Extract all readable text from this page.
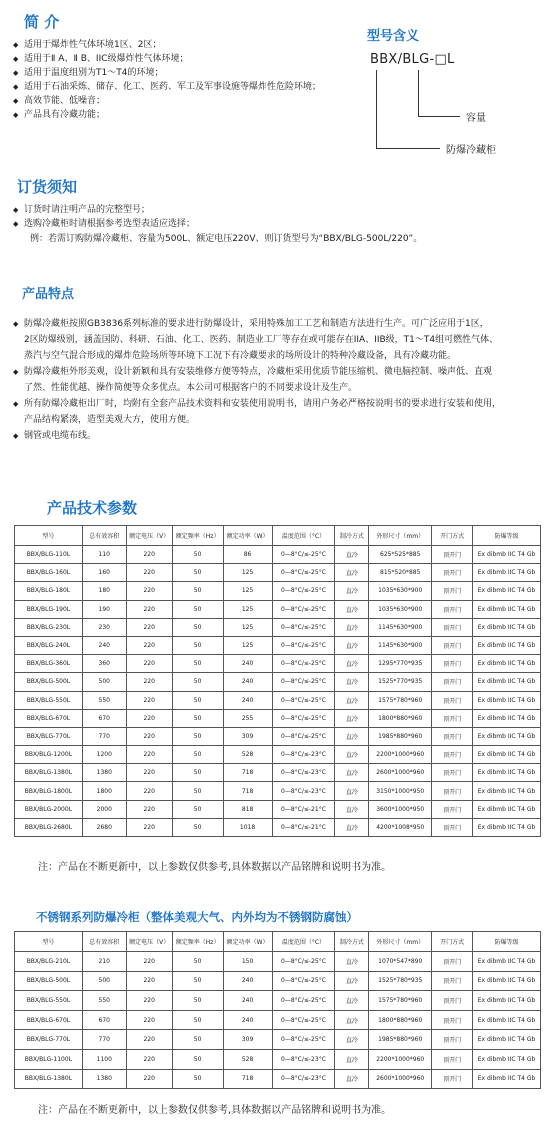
简 介
◆ 适用于爆炸性气体环境1区、2区；
◆ 适用于Ⅱ A、Ⅱ B、IIC级爆炸性气体环境；
◆ 适用于温度组别为T1～T4的环境；
◆ 适用于石油采炼、储存、化工、医药、军工及军事设施等爆炸性危险环境；
◆ 高效节能、低噪音；
◆ 产品具有冷藏功能；
型号含义
BBX/BLG-□L
容量
防爆冷藏柜
订货须知
◆ 订货时请注明产品的完整型号；
◆ 选购冷藏柜时请根据参考选型表适应选择；
例：若需订购防爆冷藏柜、容量为500L、额定电压220V、则订货型号为“BBX/BLG-500L/220”。
产品特点
◆ 防爆冷藏柜按照GB3836系列标准的要求进行防爆设计，采用特殊加工工艺和制造方法进行生产。可广泛应用于1区，
2区防爆级别，涵盖国防、科研、石油、化工、医药、制造业工厂等存在或可能存在IIA、IIB级，T1～T4组可燃性气体、
蒸汽与空气混合形成的爆炸危险场所等环境下工况下有冷藏要求的场所设计的特种冷藏设备，具有冷藏功能。
◆ 防爆冷藏柜外形美观，设计新颖和具有安装维修方便等特点，冷藏柜采用优质节能压缩机、微电脑控制、噪声低、直观
了然、性能优越、操作简便等众多优点。本公司可根据客户的不同要求设计及生产。
◆ 所有防爆冷藏柜出厂时，均附有全套产品技术资料和安装使用说明书，请用户务必严格按说明书的要求进行安装和使用，
产品结构紧凑，造型美观大方，使用方便。
◆ 钢管或电缆布线。
产品技术参数
型号	总有效容积	额定电压（V）	额定频率（Hz）	额定功率（W）	温度范围（°C）	制冷方式	外形尺寸（mm）	开门方式	防爆等级
BBX/BLG-110L	110	220	50	86	0—8°C/≤-25°C	直冷	625*525*885	顶开门	Ex dibmb IIC T4 Gb
BBX/BLG-160L	160	220	50	125	0—8°C/≤-25°C	直冷	815*520*885	顶开门	Ex dibmb IIC T4 Gb
BBX/BLG-180L	180	220	50	125	0—8°C/≤-25°C	直冷	1035*630*900	顶开门	Ex dibmb IIC T4 Gb
BBX/BLG-190L	190	220	50	125	0—8°C/≤-25°C	直冷	1035*630*900	顶开门	Ex dibmb IIC T4 Gb
BBX/BLG-230L	230	220	50	125	0—8°C/≤-25°C	直冷	1145*630*900	顶开门	Ex dibmb IIC T4 Gb
BBX/BLG-240L	240	220	50	125	0—8°C/≤-25°C	直冷	1145*630*900	顶开门	Ex dibmb IIC T4 Gb
BBX/BLG-360L	360	220	50	240	0—8°C/≤-25°C	直冷	1295*770*935	顶开门	Ex dibmb IIC T4 Gb
BBX/BLG-500L	500	220	50	240	0—8°C/≤-25°C	直冷	1525*770*935	顶开门	Ex dibmb IIC T4 Gb
BBX/BLG-550L	550	220	50	240	0—8°C/≤-25°C	直冷	1575*780*960	顶开门	Ex dibmb IIC T4 Gb
BBX/BLG-670L	670	220	50	255	0—8°C/≤-25°C	直冷	1800*880*960	顶开门	Ex dibmb IIC T4 Gb
BBX/BLG-770L	770	220	50	309	0—8°C/≤-25°C	直冷	1985*880*960	顶开门	Ex dibmb IIC T4 Gb
BBX/BLG-1200L	1200	220	50	528	0—8°C/≤-23°C	直冷	2200*1000*960	顶开门	Ex dibmb IIC T4 Gb
BBX/BLG-1380L	1380	220	50	718	0—8°C/≤-23°C	直冷	2600*1000*960	顶开门	Ex dibmb IIC T4 Gb
BBX/BLG-1800L	1800	220	50	718	0—8°C/≤-23°C	直冷	3150*1000*950	顶开门	Ex dibmb IIC T4 Gb
BBX/BLG-2000L	2000	220	50	818	0—8°C/≤-21°C	直冷	3600*1000*950	顶开门	Ex dibmb IIC T4 Gb
BBX/BLG-2680L	2680	220	50	1018	0—8°C/≤-21°C	直冷	4200*1008*950	顶开门	Ex dibmb IIC T4 Gb
注：产品在不断更新中，以上参数仅供参考,具体数据以产品铭牌和说明书为准。
不锈钢系列防爆冷柜（整体美观大气、内外均为不锈钢防腐蚀）
型号	总有效容积	额定电压（V）	额定频率（Hz）	额定功率（W）	温度范围（°C）	制冷方式	外形尺寸（mm）	开门方式	防爆等级
BBX/BLG-210L	210	220	50	150	0—8°C/≤-25°C	直冷	1070*547*890	顶开门	Ex dibmb IIC T4 Gb
BBX/BLG-500L	500	220	50	240	0—8°C/≤-25°C	直冷	1525*780*935	顶开门	Ex dibmb IIC T4 Gb
BBX/BLG-550L	550	220	50	240	0—8°C/≤-25°C	直冷	1575*780*960	顶开门	Ex dibmb IIC T4 Gb
BBX/BLG-670L	670	220	50	240	0—8°C/≤-25°C	直冷	1800*880*960	顶开门	Ex dibmb IIC T4 Gb
BBX/BLG-770L	770	220	50	309	0—8°C/≤-25°C	直冷	1985*880*960	顶开门	Ex dibmb IIC T4 Gb
BBX/BLG-1100L	1100	220	50	528	0—8°C/≤-23°C	直冷	2200*1000*960	顶开门	Ex dibmb IIC T4 Gb
BBX/BLG-1380L	1380	220	50	718	0—8°C/≤-23°C	直冷	2600*1000*960	顶开门	Ex dibmb IIC T4 Gb
注：产品在不断更新中，以上参数仅供参考,具体数据以产品铭牌和说明书为准。
